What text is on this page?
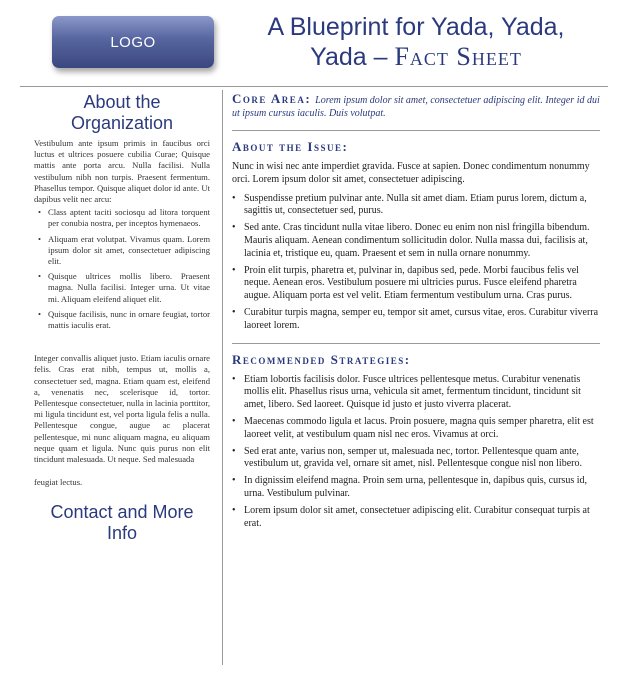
LOGO
A Blueprint for Yada, Yada,
Yada – Fact Sheet
About the Organization

Vestibulum ante ipsum primis in faucibus orci luctus et ultrices posuere cubilia Curae; Quisque mattis ante porta arcu. Nulla facilisi. Nulla vestibulum nibh non turpis. Praesent fermentum. Phasellus tempor. Quisque aliquet dolor id ante. Ut dapibus velit nec arcu:

• Class aptent taciti sociosqu ad litora torquent per conubia nostra, per inceptos hymenaeos.
• Aliquam erat volutpat. Vivamus quam. Lorem ipsum dolor sit amet, consectetuer adipiscing elit.
• Quisque ultrices mollis libero. Praesent magna. Nulla facilisi. Integer urna. Ut vitae mi. Aliquam eleifend aliquet elit.
• Quisque facilisis, nunc in ornare feugiat, tortor mattis iaculis erat.

Integer convallis aliquet justo. Etiam iaculis ornare felis. Cras erat nibh, tempus ut, mollis a, consectetuer sed, magna. Etiam quam est, eleifend a, venenatis nec, scelerisque id, tortor. Pellentesque consectetuer, nulla in lacinia porttitor, mi ligula tincidunt est, vel porta ligula felis a nulla. Pellentesque congue, augue ac placerat pellentesque, mi nunc aliquam magna, eu aliquam neque quam et ligula. Nunc quis purus non elit tincidunt malesuada. Ut neque. Sed malesuada

feugiat lectus.

Contact and More Info
Core Area: Lorem ipsum dolor sit amet, consectetuer adipiscing elit. Integer id dui ut ipsum cursus iaculis. Duis volutpat.
About the Issue:

Nunc in wisi nec ante imperdiet gravida. Fusce at sapien. Donec condimentum nonummy orci. Lorem ipsum dolor sit amet, consectetuer adipiscing.

• Suspendisse pretium pulvinar ante. Nulla sit amet diam. Etiam purus lorem, dictum a, sagittis ut, consectetuer sed, purus.
• Sed ante. Cras tincidunt nulla vitae libero. Donec eu enim non nisl fringilla bibendum. Mauris aliquam. Aenean condimentum sollicitudin dolor. Nulla massa dui, facilisis at, lacinia et, tristique eu, quam. Praesent et sem in nulla ornare nonummy.
• Proin elit turpis, pharetra et, pulvinar in, dapibus sed, pede. Morbi faucibus felis vel neque. Aenean eros. Vestibulum posuere mi ultricies purus. Fusce eleifend pharetra augue. Aliquam porta est vel velit. Etiam fermentum vestibulum urna. Cras purus.
• Curabitur turpis magna, semper eu, tempor sit amet, cursus vitae, eros. Curabitur viverra laoreet lorem.
Recommended Strategies:
• Etiam lobortis facilisis dolor. Fusce ultrices pellentesque metus. Curabitur venenatis mollis elit. Phasellus risus urna, vehicula sit amet, fermentum tincidunt, tincidunt sit amet, libero. Sed laoreet. Quisque id justo et justo viverra placerat.
• Maecenas commodo ligula et lacus. Proin posuere, magna quis semper pharetra, elit est laoreet velit, at vestibulum quam nisl nec eros. Vivamus at orci.
• Sed erat ante, varius non, semper ut, malesuada nec, tortor. Pellentesque quam ante, vestibulum ut, gravida vel, ornare sit amet, nisl. Pellentesque congue nisl non libero.
• In dignissim eleifend magna. Proin sem urna, pellentesque in, dapibus quis, cursus id, urna. Vestibulum pulvinar.
• Lorem ipsum dolor sit amet, consectetuer adipiscing elit. Curabitur consequat turpis at erat.
